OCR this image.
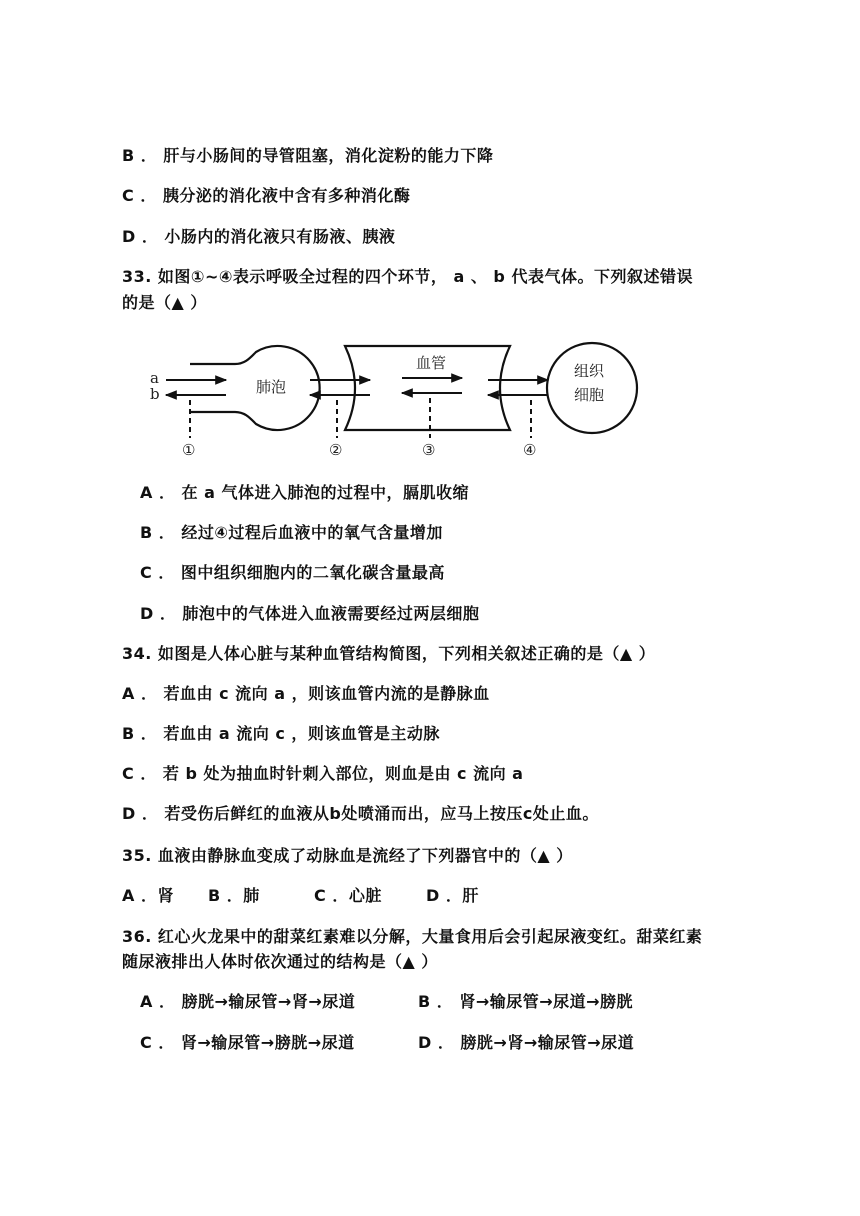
B ． 肝与小肠间的导管阻塞，消化淀粉的能力下降
C ． 胰分泌的消化液中含有多种消化酶
D ． 小肠内的消化液只有肠液、胰液
33. 如图①~④表示呼吸全过程的四个环节， a 、 b 代表气体。下列叙述错误
的是（▲ ）
a
b	肺泡
血管	组织
细胞
①	②	③	④
A ． 在 a 气体进入肺泡的过程中，膈肌收缩
B ． 经过④过程后血液中的氧气含量增加
C ． 图中组织细胞内的二氧化碳含量最高
D ． 肺泡中的气体进入血液需要经过两层细胞
34. 如图是人体心脏与某种血管结构简图，下列相关叙述正确的是（▲ ）
A ． 若血由 c 流向 a ，则该血管内流的是静脉血
B ． 若血由 a 流向 c ，则该血管是主动脉
C ． 若 b 处为抽血时针刺入部位，则血是由 c 流向 a
D ． 若受伤后鲜红的血液从b处喷涌而出，应马上按压c处止血。
35. 血液由静脉血变成了动脉血是流经了下列器官中的（▲ ）
A ．肾 B ．肺	C ．心脏	D ．肝
36. 红心火龙果中的甜菜红素难以分解，大量食用后会引起尿液变红。甜菜红素
随尿液排出人体时依次通过的结构是（▲ ）
A ． 膀胱→输尿管→肾→尿道	B ． 肾→输尿管→尿道→膀胱
C ． 肾→输尿管→膀胱→尿道	D ． 膀胱→肾→输尿管→尿道
